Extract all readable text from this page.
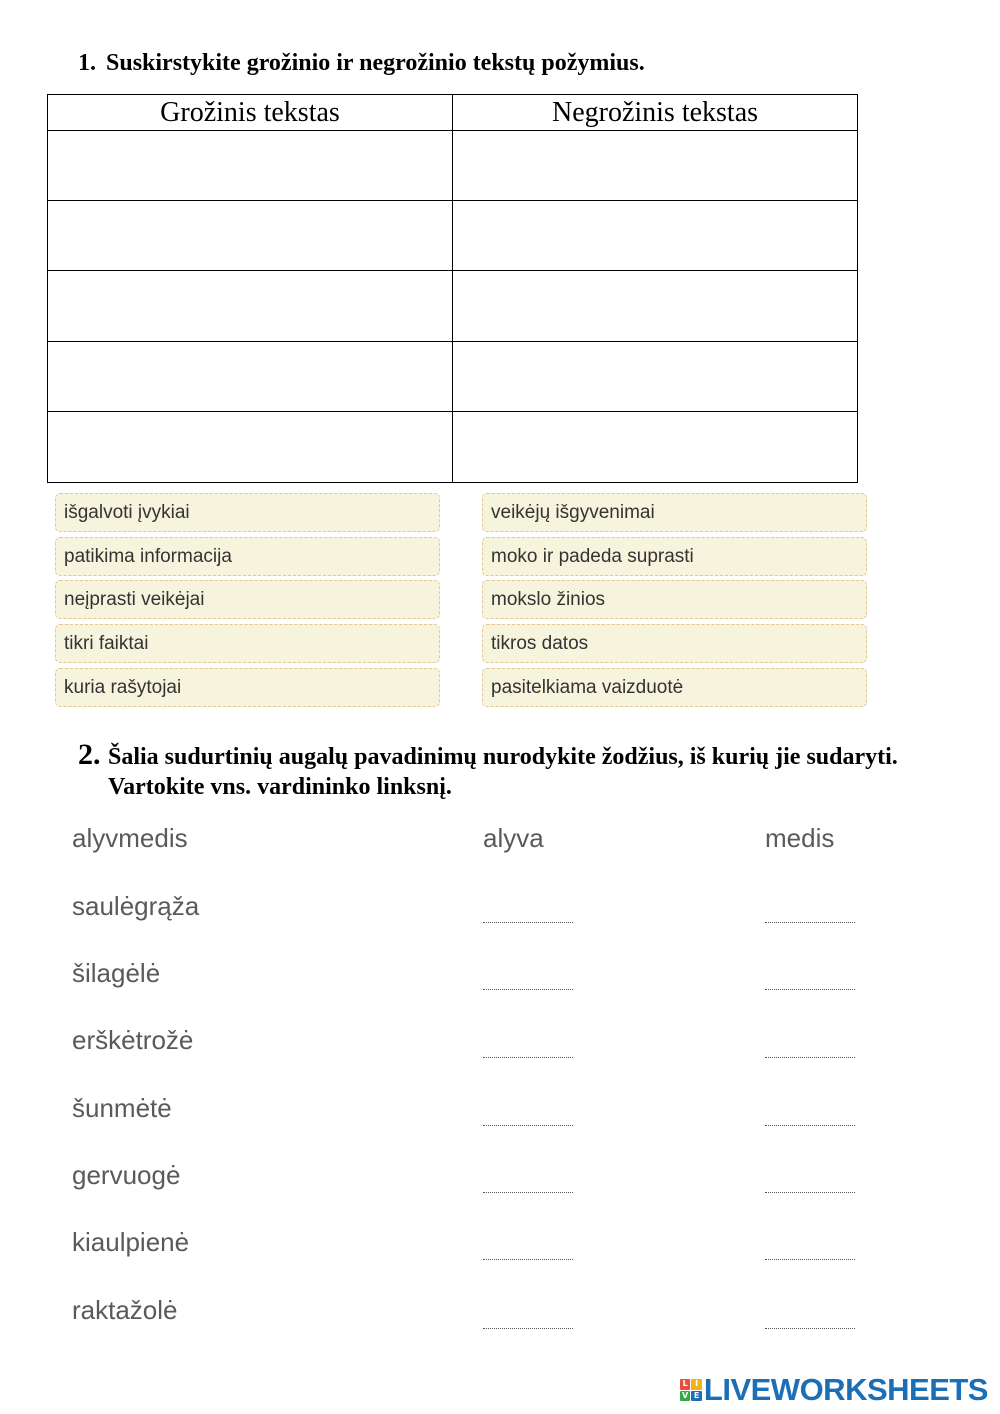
1. Suskirstykite grožinio ir negrožinio tekstų požymius.
Grožinis tekstas	Negrožinis tekstas
išgalvoti įvykiai
patikima informacija
neįprasti veikėjai
tikri faiktai
kuria rašytojai
veikėjų išgyvenimai
moko ir padeda suprasti
mokslo žinios
tikros datos
pasitelkiama vaizduotė
2. Šalia sudurtinių augalų pavadinimų nurodykite žodžius, iš kurių jie sudaryti. Vartokite vns. vardininko linksnį.
alyvmedis	alyva	medis
saulėgrąža
šilagėlė
erškėtrožė
šunmėtė
gervuogė
kiaulpienė
raktažolė
L I
V E LIVEWORKSHEETS
